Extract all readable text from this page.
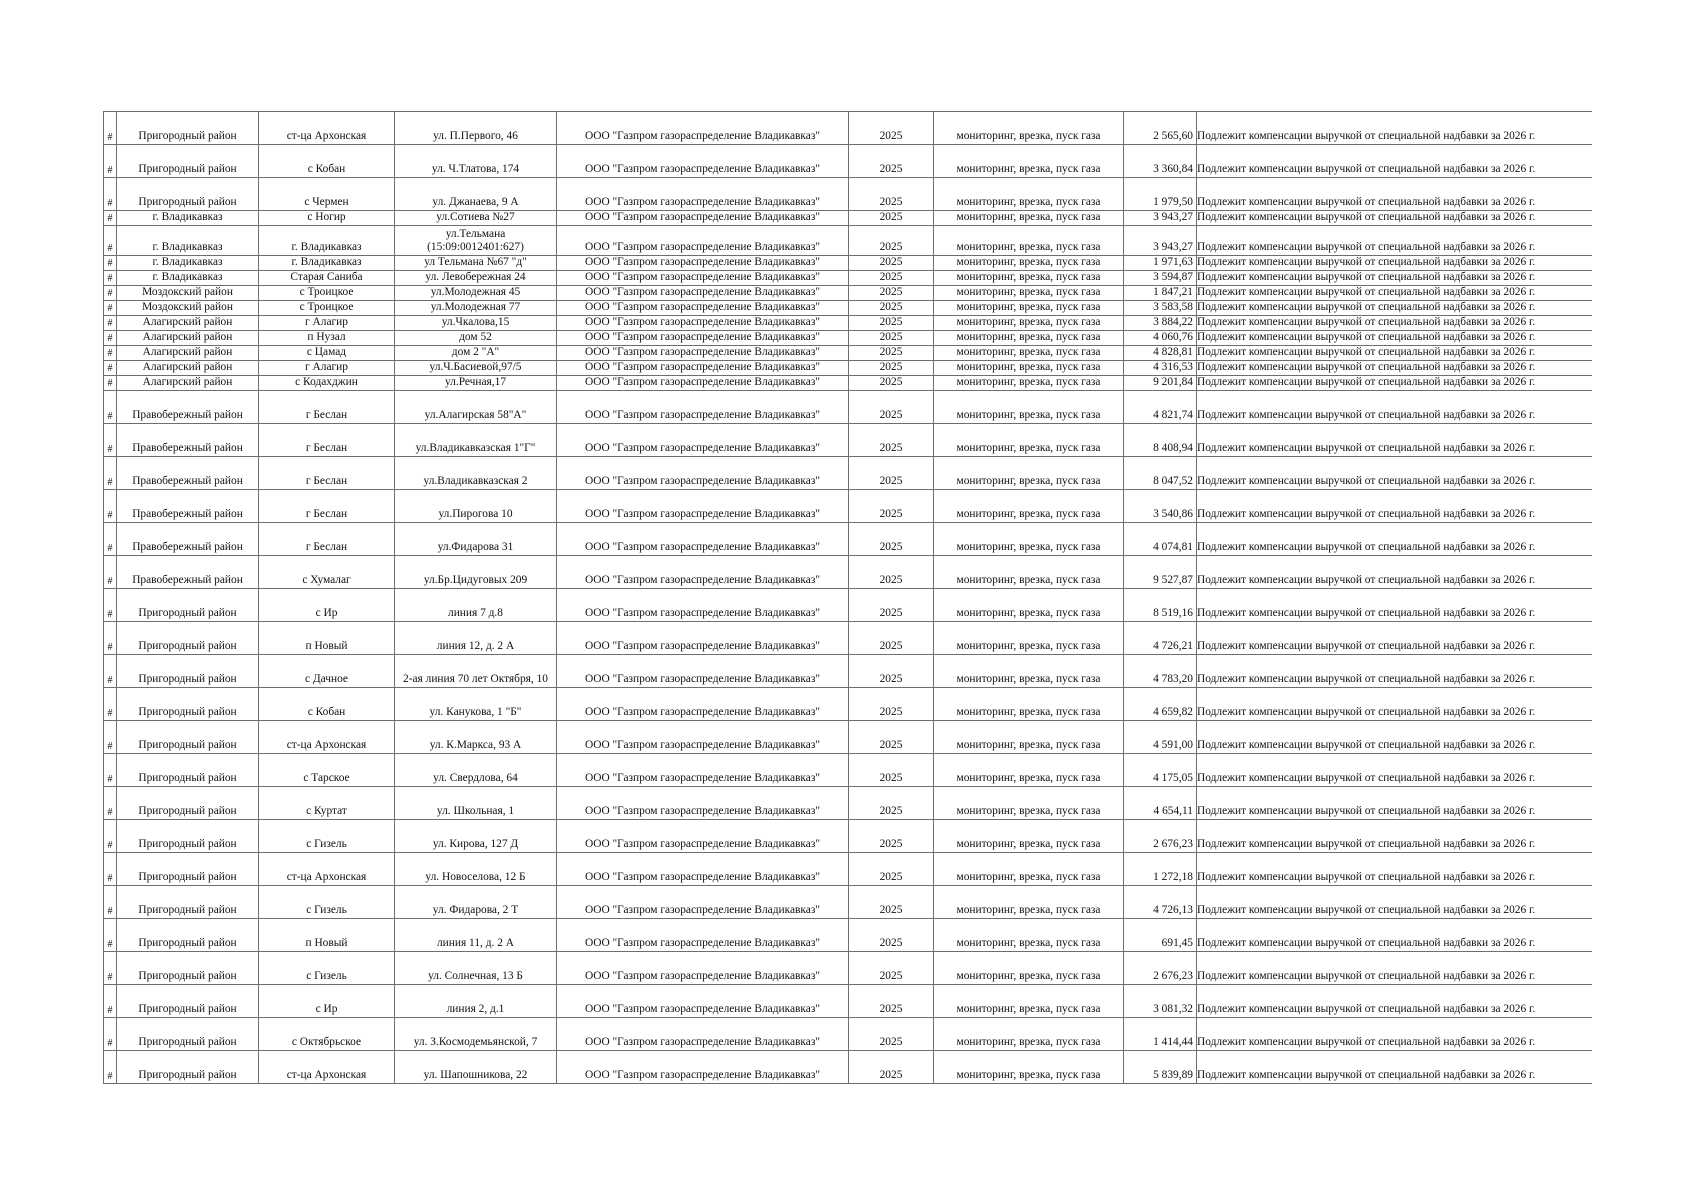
#	Пригородный район	ст-ца Архонская	ул. П.Первого, 46	ООО "Газпром газораспределение Владикавказ"	2025	мониторинг, врезка, пуск газа	2 565,60	Подлежит компенсации выручкой от специальной надбавки за 2026 г.
#	Пригородный район	с Кобан	ул. Ч.Тлатова, 174	ООО "Газпром газораспределение Владикавказ"	2025	мониторинг, врезка, пуск газа	3 360,84	Подлежит компенсации выручкой от специальной надбавки за 2026 г.
#	Пригородный район	с Чермен	ул. Джанаева, 9 А	ООО "Газпром газораспределение Владикавказ"	2025	мониторинг, врезка, пуск газа	1 979,50	Подлежит компенсации выручкой от специальной надбавки за 2026 г.
#	г. Владикавказ	с Ногир	ул.Сотиева №27	ООО "Газпром газораспределение Владикавказ"	2025	мониторинг, врезка, пуск газа	3 943,27	Подлежит компенсации выручкой от специальной надбавки за 2026 г.
#	г. Владикавказ	г. Владикавказ	ул.Тельмана (15:09:0012401:627)	ООО "Газпром газораспределение Владикавказ"	2025	мониторинг, врезка, пуск газа	3 943,27	Подлежит компенсации выручкой от специальной надбавки за 2026 г.
#	г. Владикавказ	г. Владикавказ	ул Тельмана №67 "д"	ООО "Газпром газораспределение Владикавказ"	2025	мониторинг, врезка, пуск газа	1 971,63	Подлежит компенсации выручкой от специальной надбавки за 2026 г.
#	г. Владикавказ	Старая Санибa	ул. Левобережная 24	ООО "Газпром газораспределение Владикавказ"	2025	мониторинг, врезка, пуск газа	3 594,87	Подлежит компенсации выручкой от специальной надбавки за 2026 г.
#	Моздокский район	с Троицкое	ул.Молодежная 45	ООО "Газпром газораспределение Владикавказ"	2025	мониторинг, врезка, пуск газа	1 847,21	Подлежит компенсации выручкой от специальной надбавки за 2026 г.
#	Моздокский район	с Троицкое	ул.Молодежная 77	ООО "Газпром газораспределение Владикавказ"	2025	мониторинг, врезка, пуск газа	3 583,58	Подлежит компенсации выручкой от специальной надбавки за 2026 г.
#	Алагирский район	г Алагир	ул.Чкалова,15	ООО "Газпром газораспределение Владикавказ"	2025	мониторинг, врезка, пуск газа	3 884,22	Подлежит компенсации выручкой от специальной надбавки за 2026 г.
#	Алагирский район	п Нузал	дом 52	ООО "Газпром газораспределение Владикавказ"	2025	мониторинг, врезка, пуск газа	4 060,76	Подлежит компенсации выручкой от специальной надбавки за 2026 г.
#	Алагирский район	с Цамад	дом 2 "А"	ООО "Газпром газораспределение Владикавказ"	2025	мониторинг, врезка, пуск газа	4 828,81	Подлежит компенсации выручкой от специальной надбавки за 2026 г.
#	Алагирский район	г Алагир	ул.Ч.Басиевой,97/5	ООО "Газпром газораспределение Владикавказ"	2025	мониторинг, врезка, пуск газа	4 316,53	Подлежит компенсации выручкой от специальной надбавки за 2026 г.
#	Алагирский район	с Кодахджин	ул.Речная,17	ООО "Газпром газораспределение Владикавказ"	2025	мониторинг, врезка, пуск газа	9 201,84	Подлежит компенсации выручкой от специальной надбавки за 2026 г.
#	Правобережный район	г Беслан	ул.Алагирская 58"А"	ООО "Газпром газораспределение Владикавказ"	2025	мониторинг, врезка, пуск газа	4 821,74	Подлежит компенсации выручкой от специальной надбавки за 2026 г.
#	Правобережный район	г Беслан	ул.Владикавказская 1"Г"	ООО "Газпром газораспределение Владикавказ"	2025	мониторинг, врезка, пуск газа	8 408,94	Подлежит компенсации выручкой от специальной надбавки за 2026 г.
#	Правобережный район	г Беслан	ул.Владикавказская 2	ООО "Газпром газораспределение Владикавказ"	2025	мониторинг, врезка, пуск газа	8 047,52	Подлежит компенсации выручкой от специальной надбавки за 2026 г.
#	Правобережный район	г Беслан	ул.Пирогова 10	ООО "Газпром газораспределение Владикавказ"	2025	мониторинг, врезка, пуск газа	3 540,86	Подлежит компенсации выручкой от специальной надбавки за 2026 г.
#	Правобережный район	г Беслан	ул.Фидарова 31	ООО "Газпром газораспределение Владикавказ"	2025	мониторинг, врезка, пуск газа	4 074,81	Подлежит компенсации выручкой от специальной надбавки за 2026 г.
#	Правобережный район	с Хумалаг	ул.Бр.Цидуговых 209	ООО "Газпром газораспределение Владикавказ"	2025	мониторинг, врезка, пуск газа	9 527,87	Подлежит компенсации выручкой от специальной надбавки за 2026 г.
#	Пригородный район	с Ир	линия 7 д.8	ООО "Газпром газораспределение Владикавказ"	2025	мониторинг, врезка, пуск газа	8 519,16	Подлежит компенсации выручкой от специальной надбавки за 2026 г.
#	Пригородный район	п Новый	линия 12, д. 2 А	ООО "Газпром газораспределение Владикавказ"	2025	мониторинг, врезка, пуск газа	4 726,21	Подлежит компенсации выручкой от специальной надбавки за 2026 г.
#	Пригородный район	с Дачное	2-ая линия 70 лет Октября, 10	ООО "Газпром газораспределение Владикавказ"	2025	мониторинг, врезка, пуск газа	4 783,20	Подлежит компенсации выручкой от специальной надбавки за 2026 г.
#	Пригородный район	с Кобан	ул. Канукова, 1 "Б"	ООО "Газпром газораспределение Владикавказ"	2025	мониторинг, врезка, пуск газа	4 659,82	Подлежит компенсации выручкой от специальной надбавки за 2026 г.
#	Пригородный район	ст-ца Архонская	ул. К.Маркса, 93 А	ООО "Газпром газораспределение Владикавказ"	2025	мониторинг, врезка, пуск газа	4 591,00	Подлежит компенсации выручкой от специальной надбавки за 2026 г.
#	Пригородный район	с Тарское	ул. Свердлова, 64	ООО "Газпром газораспределение Владикавказ"	2025	мониторинг, врезка, пуск газа	4 175,05	Подлежит компенсации выручкой от специальной надбавки за 2026 г.
#	Пригородный район	с Куртат	ул. Школьная, 1	ООО "Газпром газораспределение Владикавказ"	2025	мониторинг, врезка, пуск газа	4 654,11	Подлежит компенсации выручкой от специальной надбавки за 2026 г.
#	Пригородный район	с Гизель	ул. Кирова, 127 Д	ООО "Газпром газораспределение Владикавказ"	2025	мониторинг, врезка, пуск газа	2 676,23	Подлежит компенсации выручкой от специальной надбавки за 2026 г.
#	Пригородный район	ст-ца Архонская	ул. Новоселова, 12 Б	ООО "Газпром газораспределение Владикавказ"	2025	мониторинг, врезка, пуск газа	1 272,18	Подлежит компенсации выручкой от специальной надбавки за 2026 г.
#	Пригородный район	с Гизель	ул. Фидарова, 2 Т	ООО "Газпром газораспределение Владикавказ"	2025	мониторинг, врезка, пуск газа	4 726,13	Подлежит компенсации выручкой от специальной надбавки за 2026 г.
#	Пригородный район	п Новый	линия 11, д. 2 А	ООО "Газпром газораспределение Владикавказ"	2025	мониторинг, врезка, пуск газа	691,45	Подлежит компенсации выручкой от специальной надбавки за 2026 г.
#	Пригородный район	с Гизель	ул. Солнечная, 13 Б	ООО "Газпром газораспределение Владикавказ"	2025	мониторинг, врезка, пуск газа	2 676,23	Подлежит компенсации выручкой от специальной надбавки за 2026 г.
#	Пригородный район	с Ир	линия 2, д.1	ООО "Газпром газораспределение Владикавказ"	2025	мониторинг, врезка, пуск газа	3 081,32	Подлежит компенсации выручкой от специальной надбавки за 2026 г.
#	Пригородный район	с Октябрьское	ул. З.Космодемьянской, 7	ООО "Газпром газораспределение Владикавказ"	2025	мониторинг, врезка, пуск газа	1 414,44	Подлежит компенсации выручкой от специальной надбавки за 2026 г.
#	Пригородный район	ст-ца Архонская	ул. Шапошникова, 22	ООО "Газпром газораспределение Владикавказ"	2025	мониторинг, врезка, пуск газа	5 839,89	Подлежит компенсации выручкой от специальной надбавки за 2026 г.
